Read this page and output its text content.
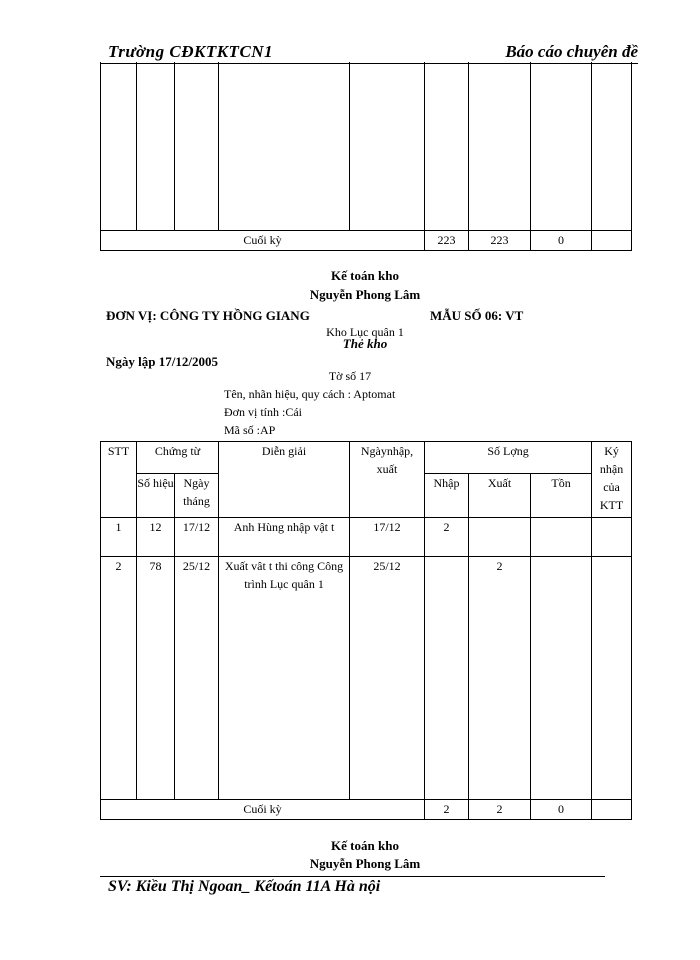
Trường CĐKTKTCN1	Báo cáo chuyên đề

Cuối kỳ					223	223	0	
Kế toán kho
Nguyễn Phong Lâm
ĐƠN VỊ: CÔNG TY HỒNG GIANG	MẪU SỐ 06: VT
Kho Lục quân 1
Thẻ kho
Ngày lập 17/12/2005
Tờ số 17
Tên, nhãn hiệu, quy cách : Aptomat
Đơn vị tính :Cái
Mã số :AP
STT	Chứng từ		Diễn giải	Ngàynhập, xuất	Số Lợng			Ký nhận của KTT
	Số hiệu	Ngày tháng			Nhập	Xuất	Tồn	
1	12	17/12	Anh Hùng nhập vật t	17/12	2			
2	78	25/12	Xuất vât t thi công Công trình Lục quân 1	25/12		2		
Cuối kỳ					2	2	0	
Kế toán kho
Nguyễn Phong Lâm
SV: Kiều Thị Ngoan_ Kếtoán 11A Hà nội
